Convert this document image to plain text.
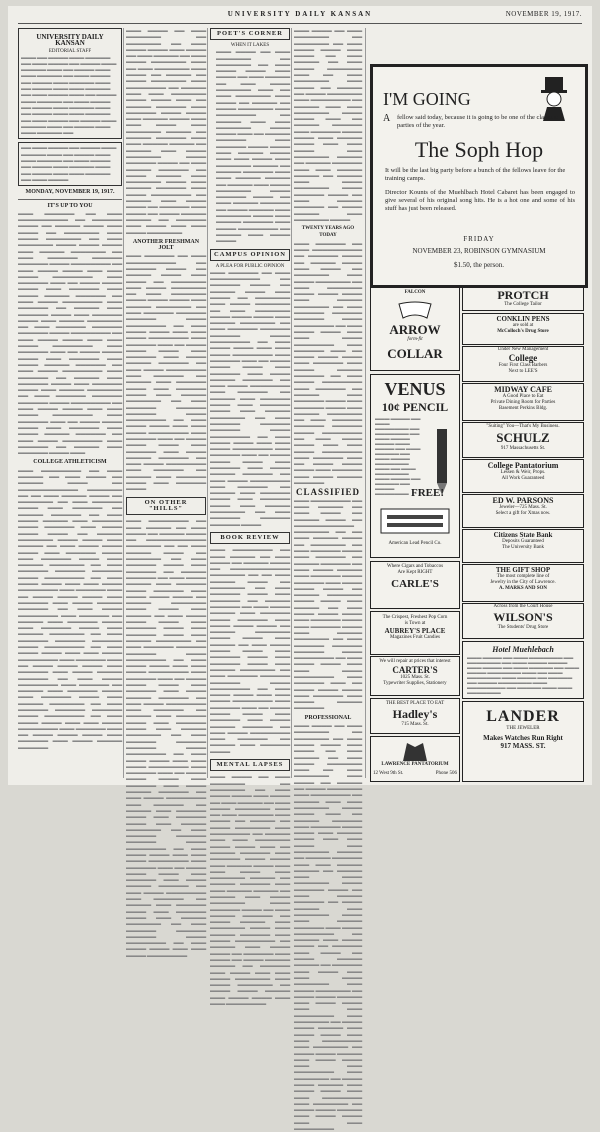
UNIVERSITY DAILY KANSAN	NOVEMBER 19, 1917.
UNIVERSITY DAILY KANSAN
EDITORIAL STAFF
▬▬▬ ▬▬ ▬▬▬▬ ▬▬▬ ▬▬▬▬▬ ▬▬ ▬▬▬ ▬▬▬▬ ▬▬ ▬▬▬▬ ▬▬▬ ▬▬▬▬▬ ▬▬▬ ▬▬ ▬▬▬▬ ▬▬▬ ▬▬▬ ▬▬▬▬▬ ▬▬ ▬▬▬ ▬▬▬▬ ▬▬ ▬▬▬▬ ▬▬▬ ▬▬▬▬▬ ▬▬▬ ▬▬ ▬▬▬▬ ▬▬▬ ▬▬▬ ▬▬▬▬▬ ▬▬ ▬▬▬ ▬▬▬▬ ▬▬▬ ▬▬ ▬▬▬▬ ▬▬▬ ▬▬▬▬▬ ▬▬ ▬▬▬ ▬▬▬▬ ▬▬ ▬▬▬▬ ▬▬▬ ▬▬▬▬▬ ▬▬▬ ▬▬ ▬▬▬▬ ▬▬▬ ▬▬▬ ▬▬▬▬▬ ▬▬ ▬▬▬ ▬▬▬▬ ▬▬ ▬▬▬▬ ▬▬▬ ▬▬▬▬▬ ▬▬▬ ▬▬ ▬▬▬▬ ▬▬▬ ▬▬▬ ▬▬▬▬▬ ▬▬
▬▬ ▬▬▬ ▬▬▬▬ ▬▬ ▬▬▬▬ ▬▬▬ ▬▬▬▬▬ ▬▬▬ ▬▬ ▬▬▬▬ ▬▬▬ ▬▬▬ ▬▬▬▬▬ ▬▬ ▬▬▬ ▬▬▬▬ ▬▬ ▬▬▬▬ ▬▬▬ ▬▬▬▬▬ ▬▬▬ ▬▬ ▬▬▬▬ ▬▬▬ ▬▬▬ ▬▬▬▬▬ ▬▬ ▬▬▬ ▬▬▬▬
MONDAY, NOVEMBER 19, 1917.
IT'S UP TO YOU
▬▬▬ ▬▬▬▬▬▬ ▬▬ ▬▬▬ ▬▬▬▬▬▬▬▬▬▬ ▬▬ ▬▬▬▬▬▬ ▬▬▬▬ ▬▬ ▬▬▬▬▬ ▬▬▬▬ ▬▬▬ ▬▬▬▬ ▬▬ ▬▬▬▬▬▬▬ ▬▬▬ ▬▬▬▬ ▬▬▬▬▬▬▬ ▬▬ ▬▬▬ ▬▬▬▬▬▬▬ ▬▬▬▬ ▬▬▬▬ ▬▬▬▬ ▬▬▬ ▬▬▬▬▬ ▬▬▬▬▬▬▬ ▬▬ ▬▬▬ ▬▬▬▬▬▬ ▬▬▬▬▬▬ ▬▬▬▬▬▬ ▬▬▬▬ ▬▬▬▬▬▬▬▬ ▬▬ ▬▬▬ ▬▬▬▬ ▬▬▬▬ ▬▬▬ ▬▬▬ ▬▬▬▬ ▬▬▬▬▬▬▬▬ ▬▬▬ ▬▬▬▬▬▬ ▬▬▬ ▬▬ ▬▬▬▬ ▬▬▬▬ ▬▬▬▬ ▬▬▬ ▬▬▬▬▬▬ ▬▬▬ ▬▬▬▬ ▬▬▬▬▬ ▬▬▬▬▬▬ ▬▬ ▬▬▬ ▬▬▬▬ ▬▬▬▬▬▬▬▬ ▬▬▬ ▬▬▬▬▬▬ ▬▬ ▬▬▬▬▬ ▬▬▬ ▬▬▬▬▬▬ ▬▬▬▬ ▬▬▬ ▬▬▬▬▬▬ ▬▬▬▬ ▬▬▬ ▬▬▬▬▬ ▬▬▬▬▬▬▬ ▬▬ ▬▬▬ ▬▬▬▬▬▬ ▬▬▬▬▬▬ ▬▬▬▬▬▬ ▬▬▬▬ ▬▬▬▬▬▬▬▬ ▬▬ ▬▬▬ ▬▬▬▬ ▬▬▬▬ ▬▬▬ ▬▬▬ ▬▬▬▬ ▬▬▬▬▬▬▬▬ ▬▬▬ ▬▬▬▬▬▬ ▬▬▬ ▬▬ ▬▬▬▬ ▬▬▬▬ ▬▬▬▬ ▬▬▬ ▬▬▬▬▬▬ ▬▬▬ ▬▬▬▬ ▬▬▬▬▬ ▬▬▬▬▬▬ ▬▬ ▬▬▬ ▬▬▬▬ ▬▬▬▬▬▬▬▬ ▬▬▬ ▬▬▬▬▬▬ ▬▬ ▬▬▬▬▬ ▬▬▬ ▬▬▬▬▬▬ ▬▬▬▬ ▬▬▬ ▬▬▬▬▬▬ ▬▬▬▬ ▬▬▬ ▬▬▬▬▬ ▬▬▬▬▬▬▬ ▬▬ ▬▬▬ ▬▬▬▬▬▬ ▬▬▬▬▬▬ ▬▬▬▬▬▬ ▬▬▬▬ ▬▬▬▬▬▬▬▬ ▬▬ ▬▬▬ ▬▬▬▬ ▬▬▬▬ ▬▬▬ ▬▬▬ ▬▬▬▬ ▬▬▬▬▬▬▬▬ ▬▬▬ ▬▬▬▬▬▬ ▬▬▬ ▬▬ ▬▬▬▬ ▬▬▬▬ ▬▬▬▬ ▬▬▬ ▬▬▬▬▬▬ ▬▬▬ ▬▬▬▬ ▬▬▬▬▬ ▬▬▬▬▬▬ ▬▬ ▬▬▬ ▬▬▬▬ ▬▬▬▬▬▬▬▬ ▬▬▬ ▬▬▬▬▬▬ ▬▬ ▬▬▬▬▬ ▬▬▬ ▬▬▬▬▬▬ ▬▬▬▬ ▬▬▬
COLLEGE ATHLETICISM
▬▬▬ ▬▬▬▬▬▬▬▬ ▬▬ ▬▬▬ ▬▬▬▬▬ ▬▬ ▬▬▬ ▬▬▬▬ ▬▬ ▬▬▬▬▬ ▬▬▬▬ ▬▬ ▬▬▬▬▬▬▬▬▬▬▬▬ ▬▬▬▬▬▬▬ ▬▬ ▬▬ ▬▬▬ ▬▬▬▬▬ ▬▬▬▬ ▬▬ ▬▬▬▬▬▬▬ ▬▬ ▬▬▬ ▬▬▬▬▬▬ ▬▬▬▬ ▬▬▬ ▬▬▬▬▬▬ ▬▬ ▬▬▬▬▬ ▬▬▬▬▬▬ ▬▬ ▬▬▬ ▬▬▬▬ ▬▬▬▬▬ ▬▬▬ ▬▬▬▬▬▬ ▬▬▬▬ ▬▬▬▬▬▬ ▬▬▬ ▬▬▬▬ ▬▬▬▬ ▬▬▬▬ ▬▬ ▬▬▬▬▬ ▬▬▬▬▬▬▬ ▬▬▬▬ ▬▬▬▬ ▬▬▬ ▬▬▬▬▬ ▬▬ ▬▬▬ ▬▬▬▬ ▬▬▬▬ ▬▬▬▬ ▬▬▬ ▬▬▬▬▬▬ ▬▬▬▬ ▬▬▬ ▬▬▬▬▬▬ ▬▬▬▬ ▬▬▬ ▬▬▬▬▬ ▬▬▬▬▬▬▬ ▬▬ ▬▬▬ ▬▬▬▬▬▬ ▬▬▬▬▬▬ ▬▬▬▬▬▬ ▬▬▬▬ ▬▬▬▬▬▬▬▬ ▬▬ ▬▬▬ ▬▬▬▬ ▬▬▬▬ ▬▬▬ ▬▬▬ ▬▬▬▬ ▬▬▬▬▬▬▬▬ ▬▬▬ ▬▬▬▬▬▬ ▬▬▬ ▬▬ ▬▬▬▬ ▬▬▬▬ ▬▬▬▬ ▬▬▬ ▬▬▬▬▬▬ ▬▬▬ ▬▬▬▬ ▬▬▬▬▬ ▬▬▬▬▬▬ ▬▬ ▬▬▬ ▬▬▬▬ ▬▬▬▬▬▬▬▬ ▬▬▬ ▬▬▬▬▬▬ ▬▬ ▬▬▬▬▬ ▬▬▬ ▬▬▬▬▬▬ ▬▬▬▬ ▬▬▬ ▬▬▬▬▬▬ ▬▬▬▬ ▬▬▬ ▬▬▬▬▬ ▬▬▬▬▬▬▬ ▬▬ ▬▬▬ ▬▬▬▬▬▬ ▬▬▬▬▬▬ ▬▬▬▬▬▬ ▬▬▬▬ ▬▬▬▬▬▬▬▬ ▬▬ ▬▬▬ ▬▬▬▬ ▬▬▬▬ ▬▬▬ ▬▬▬ ▬▬▬▬ ▬▬▬▬▬▬▬▬ ▬▬▬ ▬▬▬▬▬▬ ▬▬▬ ▬▬ ▬▬▬▬ ▬▬▬▬ ▬▬▬▬ ▬▬▬ ▬▬▬▬▬▬ ▬▬▬ ▬▬▬▬ ▬▬▬▬▬ ▬▬▬▬▬▬ ▬▬ ▬▬▬ ▬▬▬▬ ▬▬▬▬▬▬▬▬ ▬▬▬ ▬▬▬▬▬▬ ▬▬ ▬▬▬▬▬ ▬▬▬ ▬▬▬▬▬▬ ▬▬▬▬ ▬▬▬ ▬▬▬▬▬▬ ▬▬▬▬ ▬▬▬ ▬▬▬▬▬ ▬▬▬▬▬▬▬ ▬▬ ▬▬▬ ▬▬▬▬▬▬ ▬▬▬▬▬▬ ▬▬▬▬▬▬ ▬▬▬▬ ▬▬▬▬▬▬▬▬ ▬▬ ▬▬▬ ▬▬▬▬ ▬▬▬▬ ▬▬▬ ▬▬▬ ▬▬▬▬ ▬▬▬▬▬▬▬▬ ▬▬▬ ▬▬▬▬▬▬ ▬▬▬ ▬▬ ▬▬▬▬ ▬▬▬▬ ▬▬▬▬ ▬▬▬ ▬▬▬▬▬▬ ▬▬▬ ▬▬▬▬ ▬▬▬▬▬ ▬▬▬▬▬▬
▬▬▬ ▬▬▬▬ ▬▬ ▬▬▬ ▬▬▬▬▬▬▬ ▬▬ ▬▬▬▬▬▬▬ ▬▬ ▬▬▬ ▬▬▬▬ ▬▬▬▬ ▬▬▬ ▬▬▬▬ ▬▬ ▬▬▬ ▬▬▬▬▬ ▬▬ ▬▬▬ ▬▬▬▬ ▬▬▬▬▬▬▬ ▬▬▬ ▬▬ ▬▬▬ ▬▬▬▬▬▬▬ ▬▬▬ ▬▬▬▬ ▬▬ ▬▬▬▬▬ ▬▬ ▬▬▬▬ ▬▬▬▬▬▬▬ ▬▬▬ ▬▬▬▬▬▬▬▬ ▬▬ ▬▬▬▬▬ ▬▬▬ ▬▬▬ ▬▬▬▬▬▬▬ ▬▬▬▬ ▬▬▬▬ ▬▬▬ ▬▬ ▬▬▬▬▬ ▬▬▬▬▬▬ ▬▬▬ ▬▬▬▬▬▬ ▬▬▬▬ ▬▬▬▬ ▬▬▬ ▬▬▬▬▬ ▬▬▬▬ ▬▬▬ ▬▬▬ ▬▬▬▬ ▬▬▬ ▬▬▬▬▬▬▬ ▬▬▬▬▬ ▬▬ ▬▬▬▬▬ ▬▬▬▬▬▬ ▬▬▬ ▬▬▬ ▬▬▬▬▬ ▬▬▬▬▬ ▬▬ ▬▬▬▬▬ ▬▬▬ ▬▬▬▬ ▬▬▬▬▬▬▬ ▬▬▬▬ ▬▬▬▬▬▬ ▬▬▬▬ ▬▬ ▬▬▬ ▬▬▬▬▬ ▬▬▬▬▬▬ ▬▬ ▬▬▬▬ ▬▬▬▬▬ ▬▬▬ ▬▬▬▬▬▬▬ ▬▬▬▬ ▬▬▬ ▬▬▬▬▬ ▬▬▬▬▬▬ ▬▬▬ ▬▬▬▬ ▬▬▬▬▬▬▬▬ ▬▬ ▬▬▬▬▬ ▬▬▬ ▬▬▬▬ ▬▬▬▬ ▬▬ ▬▬▬▬▬▬ ▬▬▬ ▬▬▬▬ ▬▬ ▬▬▬▬ ▬▬▬▬▬ ▬▬▬▬▬ ▬▬ ▬▬▬▬▬▬ ▬▬▬ ▬▬▬▬ ▬▬▬ ▬▬▬ ▬▬▬▬ ▬▬▬▬▬▬▬
ANOTHER FRESHMAN JOLT
▬▬▬ ▬▬▬▬▬▬ ▬▬ ▬▬▬ ▬▬▬▬▬▬▬▬▬▬ ▬▬ ▬▬▬▬▬▬ ▬▬▬▬ ▬▬ ▬▬▬▬▬ ▬▬▬▬ ▬▬▬ ▬▬▬▬ ▬▬ ▬▬▬▬▬▬▬ ▬▬▬ ▬▬▬▬ ▬▬▬▬▬▬▬ ▬▬ ▬▬▬ ▬▬▬▬▬▬▬ ▬▬▬▬ ▬▬▬▬ ▬▬▬▬ ▬▬▬ ▬▬▬▬▬ ▬▬▬▬▬▬▬ ▬▬ ▬▬▬ ▬▬▬▬▬▬ ▬▬▬▬▬▬ ▬▬▬▬▬▬ ▬▬▬▬ ▬▬▬▬▬▬▬▬ ▬▬ ▬▬▬ ▬▬▬▬ ▬▬▬▬ ▬▬▬ ▬▬▬ ▬▬▬▬ ▬▬▬▬▬▬▬▬ ▬▬▬ ▬▬▬▬▬▬ ▬▬▬ ▬▬ ▬▬▬▬ ▬▬▬▬ ▬▬▬▬ ▬▬▬ ▬▬▬▬▬▬ ▬▬▬ ▬▬▬▬ ▬▬▬▬▬ ▬▬▬▬▬▬ ▬▬ ▬▬▬ ▬▬▬▬ ▬▬▬▬▬▬▬▬ ▬▬▬ ▬▬▬▬▬▬ ▬▬ ▬▬▬▬▬ ▬▬▬ ▬▬▬▬▬▬ ▬▬▬▬ ▬▬▬ ▬▬▬▬▬▬ ▬▬▬▬ ▬▬▬ ▬▬▬▬▬ ▬▬▬▬▬▬▬ ▬▬ ▬▬▬ ▬▬▬▬▬▬ ▬▬▬▬▬▬ ▬▬▬▬▬▬ ▬▬▬▬ ▬▬▬▬▬▬▬▬ ▬▬ ▬▬▬ ▬▬▬▬ ▬▬▬▬ ▬▬▬ ▬▬▬ ▬▬▬▬ ▬▬▬▬▬▬▬▬ ▬▬▬ ▬▬▬▬▬▬ ▬▬▬ ▬▬ ▬▬▬▬ ▬▬▬▬ ▬▬▬▬ ▬▬▬ ▬▬▬▬▬▬ ▬▬▬ ▬▬▬▬ ▬▬▬▬▬ ▬▬▬▬▬▬ ▬▬ ▬▬▬ ▬▬▬▬ ▬▬▬▬▬▬▬▬ ▬▬▬ ▬▬▬▬▬▬ ▬▬ ▬▬▬▬▬ ▬▬▬ ▬▬▬▬▬▬ ▬▬▬▬ ▬▬▬ ▬▬▬▬▬▬ ▬▬▬▬
ON OTHER "HILLS"
▬▬▬ ▬▬▬▬▬▬▬▬ ▬▬ ▬▬▬ ▬▬▬▬▬ ▬▬ ▬▬▬ ▬▬▬▬ ▬▬ ▬▬▬▬▬ ▬▬▬▬ ▬▬ ▬▬▬▬▬▬▬▬▬▬▬▬ ▬▬▬▬▬▬▬ ▬▬ ▬▬ ▬▬▬ ▬▬▬▬▬ ▬▬▬▬ ▬▬ ▬▬▬▬▬▬▬ ▬▬ ▬▬▬ ▬▬▬▬▬▬ ▬▬▬▬ ▬▬▬ ▬▬▬▬▬▬ ▬▬ ▬▬▬▬▬ ▬▬▬▬▬▬ ▬▬ ▬▬▬ ▬▬▬▬ ▬▬▬▬▬ ▬▬▬ ▬▬▬▬▬▬ ▬▬▬▬ ▬▬▬▬▬▬ ▬▬▬ ▬▬▬▬ ▬▬▬▬ ▬▬▬▬ ▬▬ ▬▬▬▬▬ ▬▬▬▬▬▬▬ ▬▬▬▬ ▬▬▬▬ ▬▬▬ ▬▬▬▬▬ ▬▬ ▬▬▬ ▬▬▬▬ ▬▬▬▬ ▬▬▬▬ ▬▬▬ ▬▬▬▬▬▬ ▬▬▬▬ ▬▬▬ ▬▬▬▬▬▬ ▬▬▬▬ ▬▬▬ ▬▬▬▬▬ ▬▬▬▬▬▬▬ ▬▬ ▬▬▬ ▬▬▬▬▬▬ ▬▬▬▬▬▬ ▬▬▬▬▬▬ ▬▬▬▬ ▬▬▬▬▬▬▬▬ ▬▬ ▬▬▬ ▬▬▬▬ ▬▬▬▬ ▬▬▬ ▬▬▬ ▬▬▬▬ ▬▬▬▬▬▬▬▬ ▬▬▬ ▬▬▬▬▬▬ ▬▬▬ ▬▬ ▬▬▬▬ ▬▬▬▬ ▬▬▬▬ ▬▬▬ ▬▬▬▬▬▬ ▬▬▬ ▬▬▬▬ ▬▬▬▬▬ ▬▬▬▬▬▬ ▬▬ ▬▬▬ ▬▬▬▬ ▬▬▬▬▬▬▬▬ ▬▬▬ ▬▬▬▬▬▬ ▬▬ ▬▬▬▬▬ ▬▬▬ ▬▬▬▬▬▬ ▬▬▬▬ ▬▬▬ ▬▬▬▬▬▬ ▬▬▬▬ ▬▬▬ ▬▬▬▬▬ ▬▬▬▬▬▬▬ ▬▬ ▬▬▬ ▬▬▬▬▬▬ ▬▬▬▬▬▬ ▬▬▬▬▬▬ ▬▬▬▬ ▬▬▬▬▬▬▬▬ ▬▬ ▬▬▬ ▬▬▬▬ ▬▬▬▬ ▬▬▬ ▬▬▬ ▬▬▬▬ ▬▬▬▬▬▬▬▬ ▬▬▬ ▬▬▬▬▬▬ ▬▬▬ ▬▬ ▬▬▬▬ ▬▬▬▬ ▬▬▬▬ ▬▬▬ ▬▬▬▬▬▬ ▬▬▬ ▬▬▬▬ ▬▬▬▬▬ ▬▬▬▬▬▬ ▬▬ ▬▬▬ ▬▬▬▬ ▬▬▬▬▬▬▬▬ ▬▬▬ ▬▬▬▬▬▬ ▬▬ ▬▬▬▬▬ ▬▬▬ ▬▬▬▬▬▬ ▬▬▬▬ ▬▬▬ ▬▬▬▬▬▬ ▬▬▬▬ ▬▬▬ ▬▬▬▬▬ ▬▬▬▬▬▬▬ ▬▬ ▬▬▬ ▬▬▬▬▬▬ ▬▬▬▬▬▬ ▬▬▬▬▬▬ ▬▬▬▬ ▬▬▬▬▬▬▬▬ ▬▬ ▬▬▬ ▬▬▬▬ ▬▬▬▬ ▬▬▬ ▬▬▬ ▬▬▬▬ ▬▬▬▬▬▬▬▬ ▬▬▬ ▬▬▬▬▬▬ ▬▬▬ ▬▬ ▬▬▬▬ ▬▬▬▬ ▬▬▬▬ ▬▬▬ ▬▬▬▬▬▬ ▬▬▬ ▬▬▬▬ ▬▬▬▬▬ ▬▬▬▬▬▬ ▬▬ ▬▬▬ ▬▬▬▬ ▬▬▬▬▬▬▬▬ ▬▬▬ ▬▬▬▬▬▬ ▬▬ ▬▬▬▬▬ ▬▬▬ ▬▬▬▬▬▬ ▬▬▬▬ ▬▬▬ ▬▬▬▬▬▬ ▬▬▬▬ ▬▬▬ ▬▬▬▬▬ ▬▬▬▬▬▬▬ ▬▬ ▬▬▬ ▬▬▬▬▬▬ ▬▬▬▬▬▬ ▬▬▬▬▬▬ ▬▬▬▬ ▬▬▬▬▬▬▬▬ ▬▬ ▬▬▬ ▬▬▬▬ ▬▬▬▬ ▬▬▬ ▬▬▬ ▬▬▬▬ ▬▬▬▬▬▬▬▬
POET'S CORNER
WHEN IT LAKES
▬▬▬ ▬▬▬▬ ▬▬ ▬▬▬ ▬▬▬▬▬▬▬ ▬▬ ▬▬▬▬▬▬▬ ▬▬ ▬▬▬ ▬▬▬▬ ▬▬▬▬ ▬▬▬ ▬▬▬▬ ▬▬ ▬▬▬ ▬▬▬▬▬ ▬▬ ▬▬▬ ▬▬▬▬ ▬▬▬▬▬▬▬ ▬▬▬ ▬▬ ▬▬▬ ▬▬▬▬▬▬▬ ▬▬▬ ▬▬▬▬ ▬▬ ▬▬▬▬▬ ▬▬ ▬▬▬▬ ▬▬▬▬▬▬▬ ▬▬▬ ▬▬▬▬▬▬▬▬ ▬▬ ▬▬▬▬▬ ▬▬▬ ▬▬▬ ▬▬▬▬▬▬▬ ▬▬▬▬ ▬▬▬▬ ▬▬▬ ▬▬ ▬▬▬▬▬ ▬▬▬▬▬▬ ▬▬▬ ▬▬▬▬▬▬ ▬▬▬▬ ▬▬▬▬ ▬▬▬ ▬▬▬▬▬ ▬▬▬▬ ▬▬▬ ▬▬▬ ▬▬▬▬ ▬▬▬ ▬▬▬▬▬▬▬ ▬▬▬▬▬ ▬▬ ▬▬▬▬▬ ▬▬▬▬▬▬ ▬▬▬ ▬▬▬ ▬▬▬▬▬ ▬▬▬▬▬ ▬▬ ▬▬▬▬▬ ▬▬▬ ▬▬▬▬ ▬▬▬▬▬▬▬ ▬▬▬▬ ▬▬▬▬▬▬ ▬▬▬▬ ▬▬ ▬▬▬ ▬▬▬▬▬ ▬▬▬▬▬▬ ▬▬ ▬▬▬▬ ▬▬▬▬▬ ▬▬▬ ▬▬▬▬▬▬▬ ▬▬▬▬ ▬▬▬ ▬▬▬▬▬ ▬▬▬▬▬▬ ▬▬▬ ▬▬▬▬ ▬▬▬▬▬▬▬▬ ▬▬ ▬▬▬▬▬ ▬▬▬ ▬▬▬▬ ▬▬▬▬
CAMPUS OPINION
A PLEA FOR PUBLIC OPINION
▬▬▬ ▬▬▬▬▬▬ ▬▬ ▬▬▬ ▬▬▬▬▬▬▬▬▬▬ ▬▬ ▬▬▬▬▬▬ ▬▬▬▬ ▬▬ ▬▬▬▬▬ ▬▬▬▬ ▬▬▬ ▬▬▬▬ ▬▬ ▬▬▬▬▬▬▬ ▬▬▬ ▬▬▬▬ ▬▬▬▬▬▬▬ ▬▬ ▬▬▬ ▬▬▬▬▬▬▬ ▬▬▬▬ ▬▬▬▬ ▬▬▬▬ ▬▬▬ ▬▬▬▬▬ ▬▬▬▬▬▬▬ ▬▬ ▬▬▬ ▬▬▬▬▬▬ ▬▬▬▬▬▬ ▬▬▬▬▬▬ ▬▬▬▬ ▬▬▬▬▬▬▬▬ ▬▬ ▬▬▬ ▬▬▬▬ ▬▬▬▬ ▬▬▬ ▬▬▬ ▬▬▬▬ ▬▬▬▬▬▬▬▬ ▬▬▬ ▬▬▬▬▬▬ ▬▬▬ ▬▬ ▬▬▬▬ ▬▬▬▬ ▬▬▬▬ ▬▬▬ ▬▬▬▬▬▬ ▬▬▬ ▬▬▬▬ ▬▬▬▬▬ ▬▬▬▬▬▬ ▬▬ ▬▬▬ ▬▬▬▬ ▬▬▬▬▬▬▬▬ ▬▬▬ ▬▬▬▬▬▬ ▬▬ ▬▬▬▬▬ ▬▬▬ ▬▬▬▬▬▬ ▬▬▬▬ ▬▬▬ ▬▬▬▬▬▬ ▬▬▬▬ ▬▬▬ ▬▬▬▬▬ ▬▬▬▬▬▬▬ ▬▬ ▬▬▬ ▬▬▬▬▬▬ ▬▬▬▬▬▬ ▬▬▬▬▬▬ ▬▬▬▬ ▬▬▬▬▬▬▬▬ ▬▬ ▬▬▬ ▬▬▬▬ ▬▬▬▬ ▬▬▬ ▬▬▬ ▬▬▬▬ ▬▬▬▬▬▬▬▬ ▬▬▬ ▬▬▬▬▬▬ ▬▬▬ ▬▬ ▬▬▬▬ ▬▬▬▬ ▬▬▬▬ ▬▬▬ ▬▬▬▬▬▬ ▬▬▬ ▬▬▬▬ ▬▬▬▬▬ ▬▬▬▬▬▬ ▬▬ ▬▬▬ ▬▬▬▬ ▬▬▬▬▬▬▬▬ ▬▬▬ ▬▬▬▬▬▬ ▬▬ ▬▬▬▬▬ ▬▬▬ ▬▬▬▬▬▬ ▬▬▬▬ ▬▬▬ ▬▬▬▬▬▬ ▬▬▬▬ ▬▬▬ ▬▬▬▬▬ ▬▬▬▬▬▬▬ ▬▬ ▬▬▬ ▬▬▬▬▬▬ ▬▬▬▬▬▬ ▬▬▬▬▬▬ ▬▬▬▬
BOOK REVIEW
▬▬▬ ▬▬▬▬▬▬▬▬ ▬▬ ▬▬▬ ▬▬▬▬▬ ▬▬ ▬▬▬ ▬▬▬▬ ▬▬ ▬▬▬▬▬ ▬▬▬▬ ▬▬ ▬▬▬▬▬▬▬▬▬▬▬▬ ▬▬▬▬▬▬▬ ▬▬ ▬▬ ▬▬▬ ▬▬▬▬▬ ▬▬▬▬ ▬▬ ▬▬▬▬▬▬▬ ▬▬ ▬▬▬ ▬▬▬▬▬▬ ▬▬▬▬ ▬▬▬ ▬▬▬▬▬▬ ▬▬ ▬▬▬▬▬ ▬▬▬▬▬▬ ▬▬ ▬▬▬ ▬▬▬▬ ▬▬▬▬▬ ▬▬▬ ▬▬▬▬▬▬ ▬▬▬▬ ▬▬▬▬▬▬ ▬▬▬ ▬▬▬▬ ▬▬▬▬ ▬▬▬▬ ▬▬ ▬▬▬▬▬ ▬▬▬▬▬▬▬ ▬▬▬▬ ▬▬▬▬ ▬▬▬ ▬▬▬▬▬ ▬▬ ▬▬▬ ▬▬▬▬ ▬▬▬▬ ▬▬▬▬ ▬▬▬ ▬▬▬▬▬▬ ▬▬▬▬ ▬▬▬ ▬▬▬▬▬▬ ▬▬▬▬ ▬▬▬ ▬▬▬▬▬ ▬▬▬▬▬▬▬ ▬▬ ▬▬▬ ▬▬▬▬▬▬ ▬▬▬▬▬▬ ▬▬▬▬▬▬ ▬▬▬▬ ▬▬▬▬▬▬▬▬ ▬▬ ▬▬▬ ▬▬▬▬ ▬▬▬▬ ▬▬▬ ▬▬▬ ▬▬▬▬ ▬▬▬▬▬▬▬▬ ▬▬▬ ▬▬▬▬▬▬ ▬▬▬ ▬▬ ▬▬▬▬ ▬▬▬▬ ▬▬▬▬ ▬▬▬ ▬▬▬▬▬▬ ▬▬▬ ▬▬▬▬ ▬▬▬▬▬ ▬▬▬▬▬▬ ▬▬ ▬▬▬ ▬▬▬▬ ▬▬▬▬▬▬▬▬ ▬▬▬ ▬▬▬▬▬▬ ▬▬ ▬▬▬▬▬ ▬▬▬ ▬▬▬▬▬▬ ▬▬▬▬
MENTAL LAPSES
▬▬▬ ▬▬▬▬ ▬▬ ▬▬▬ ▬▬▬▬▬▬▬ ▬▬ ▬▬▬▬▬▬▬ ▬▬ ▬▬▬ ▬▬▬▬ ▬▬▬▬ ▬▬▬ ▬▬▬▬ ▬▬ ▬▬▬ ▬▬▬▬▬ ▬▬ ▬▬▬ ▬▬▬▬ ▬▬▬▬▬▬▬ ▬▬▬ ▬▬ ▬▬▬ ▬▬▬▬▬▬▬ ▬▬▬ ▬▬▬▬ ▬▬ ▬▬▬▬▬ ▬▬ ▬▬▬▬ ▬▬▬▬▬▬▬ ▬▬▬ ▬▬▬▬▬▬▬▬ ▬▬ ▬▬▬▬▬ ▬▬▬ ▬▬▬ ▬▬▬▬▬▬▬ ▬▬▬▬ ▬▬▬▬ ▬▬▬ ▬▬ ▬▬▬▬▬ ▬▬▬▬▬▬ ▬▬▬ ▬▬▬▬▬▬ ▬▬▬▬ ▬▬▬▬ ▬▬▬ ▬▬▬▬▬ ▬▬▬▬ ▬▬▬ ▬▬▬ ▬▬▬▬ ▬▬▬ ▬▬▬▬▬▬▬ ▬▬▬▬▬ ▬▬ ▬▬▬▬▬ ▬▬▬▬▬▬ ▬▬▬ ▬▬▬ ▬▬▬▬▬ ▬▬▬▬▬ ▬▬ ▬▬▬▬▬ ▬▬▬ ▬▬▬▬ ▬▬▬▬▬▬▬ ▬▬▬▬ ▬▬▬▬▬▬ ▬▬▬▬ ▬▬ ▬▬▬ ▬▬▬▬▬ ▬▬▬▬▬▬ ▬▬ ▬▬▬▬ ▬▬▬▬▬ ▬▬▬ ▬▬▬▬▬▬▬ ▬▬▬▬ ▬▬▬ ▬▬▬▬▬ ▬▬▬▬▬▬ ▬▬▬ ▬▬▬▬ ▬▬▬▬▬▬▬▬ ▬▬ ▬▬▬▬▬ ▬▬▬ ▬▬▬▬ ▬▬▬▬ ▬▬ ▬▬▬▬▬▬ ▬▬▬ ▬▬▬▬ ▬▬ ▬▬▬▬ ▬▬▬▬▬ ▬▬▬▬▬ ▬▬ ▬▬▬▬▬▬ ▬▬▬ ▬▬▬▬ ▬▬▬ ▬▬▬ ▬▬▬▬ ▬▬▬▬▬▬▬ ▬▬▬ ▬▬▬▬ ▬▬▬▬▬▬▬ ▬▬ ▬▬▬▬ ▬▬▬▬ ▬▬▬▬▬ ▬▬▬ ▬▬▬▬ ▬▬▬▬ ▬▬▬ ▬▬▬ ▬▬▬▬▬▬▬▬
▬▬▬ ▬▬▬▬ ▬▬ ▬▬▬ ▬▬▬▬▬▬▬ ▬▬ ▬▬▬▬▬▬▬ ▬▬ ▬▬▬ ▬▬▬▬ ▬▬▬▬ ▬▬▬ ▬▬▬▬ ▬▬ ▬▬▬ ▬▬▬▬▬ ▬▬ ▬▬▬ ▬▬▬▬ ▬▬▬▬▬▬▬ ▬▬▬ ▬▬ ▬▬▬ ▬▬▬▬▬▬▬ ▬▬▬ ▬▬▬▬ ▬▬ ▬▬▬▬▬ ▬▬ ▬▬▬▬ ▬▬▬▬▬▬▬ ▬▬▬ ▬▬▬▬▬▬▬▬ ▬▬ ▬▬▬▬▬ ▬▬▬ ▬▬▬ ▬▬▬▬▬▬▬ ▬▬▬▬ ▬▬▬▬ ▬▬▬ ▬▬ ▬▬▬▬▬ ▬▬▬▬▬▬ ▬▬▬ ▬▬▬▬▬▬ ▬▬▬▬ ▬▬▬▬ ▬▬▬ ▬▬▬▬▬ ▬▬▬▬ ▬▬▬ ▬▬▬ ▬▬▬▬ ▬▬▬ ▬▬▬▬▬▬▬ ▬▬▬▬▬ ▬▬ ▬▬▬▬▬ ▬▬▬▬▬▬ ▬▬▬ ▬▬▬ ▬▬▬▬▬ ▬▬▬▬▬ ▬▬ ▬▬▬▬▬ ▬▬▬ ▬▬▬▬ ▬▬▬▬▬▬▬ ▬▬▬▬ ▬▬▬▬▬▬ ▬▬▬▬ ▬▬ ▬▬▬ ▬▬▬▬▬ ▬▬▬▬▬▬ ▬▬ ▬▬▬▬ ▬▬▬▬▬ ▬▬▬ ▬▬▬▬▬▬▬ ▬▬▬▬
TWENTY YEARS AGO TODAY
▬▬▬ ▬▬▬▬▬▬ ▬▬ ▬▬▬ ▬▬▬▬▬▬▬▬▬▬ ▬▬ ▬▬▬▬▬▬ ▬▬▬▬ ▬▬ ▬▬▬▬▬ ▬▬▬▬ ▬▬▬ ▬▬▬▬ ▬▬ ▬▬▬▬▬▬▬ ▬▬▬ ▬▬▬▬ ▬▬▬▬▬▬▬ ▬▬ ▬▬▬ ▬▬▬▬▬▬▬ ▬▬▬▬ ▬▬▬▬ ▬▬▬▬ ▬▬▬ ▬▬▬▬▬ ▬▬▬▬▬▬▬ ▬▬ ▬▬▬ ▬▬▬▬▬▬ ▬▬▬▬▬▬ ▬▬▬▬▬▬ ▬▬▬▬ ▬▬▬▬▬▬▬▬ ▬▬ ▬▬▬ ▬▬▬▬ ▬▬▬▬ ▬▬▬ ▬▬▬ ▬▬▬▬ ▬▬▬▬▬▬▬▬ ▬▬▬ ▬▬▬▬▬▬ ▬▬▬ ▬▬ ▬▬▬▬ ▬▬▬▬ ▬▬▬▬ ▬▬▬ ▬▬▬▬▬▬ ▬▬▬ ▬▬▬▬ ▬▬▬▬▬ ▬▬▬▬▬▬ ▬▬ ▬▬▬ ▬▬▬▬ ▬▬▬▬▬▬▬▬ ▬▬▬ ▬▬▬▬▬▬ ▬▬ ▬▬▬▬▬ ▬▬▬ ▬▬▬▬▬▬ ▬▬▬▬ ▬▬▬ ▬▬▬▬▬▬ ▬▬▬▬ ▬▬▬ ▬▬▬▬▬ ▬▬▬▬▬▬▬ ▬▬ ▬▬▬ ▬▬▬▬▬▬ ▬▬▬▬▬▬ ▬▬▬▬▬▬ ▬▬▬▬ ▬▬▬▬▬▬▬▬ ▬▬ ▬▬▬ ▬▬▬▬ ▬▬▬▬ ▬▬▬ ▬▬▬ ▬▬▬▬ ▬▬▬▬▬▬▬▬ ▬▬▬ ▬▬▬▬▬▬ ▬▬▬ ▬▬ ▬▬▬▬ ▬▬▬▬ ▬▬▬▬ ▬▬▬ ▬▬▬▬▬▬ ▬▬▬ ▬▬▬▬ ▬▬▬▬▬ ▬▬▬▬▬▬
CLASSIFIED
▬▬▬ ▬▬▬▬▬▬▬▬ ▬▬ ▬▬▬ ▬▬▬▬▬ ▬▬ ▬▬▬ ▬▬▬▬ ▬▬ ▬▬▬▬▬ ▬▬▬▬ ▬▬ ▬▬▬▬▬▬▬▬▬▬▬▬ ▬▬▬▬▬▬▬ ▬▬ ▬▬ ▬▬▬ ▬▬▬▬▬ ▬▬▬▬ ▬▬ ▬▬▬▬▬▬▬ ▬▬ ▬▬▬ ▬▬▬▬▬▬ ▬▬▬▬ ▬▬▬ ▬▬▬▬▬▬ ▬▬ ▬▬▬▬▬ ▬▬▬▬▬▬ ▬▬ ▬▬▬ ▬▬▬▬ ▬▬▬▬▬ ▬▬▬ ▬▬▬▬▬▬ ▬▬▬▬ ▬▬▬▬▬▬ ▬▬▬ ▬▬▬▬ ▬▬▬▬ ▬▬▬▬ ▬▬ ▬▬▬▬▬ ▬▬▬▬▬▬▬ ▬▬▬▬ ▬▬▬▬ ▬▬▬ ▬▬▬▬▬ ▬▬ ▬▬▬ ▬▬▬▬ ▬▬▬▬ ▬▬▬▬ ▬▬▬ ▬▬▬▬▬▬ ▬▬▬▬ ▬▬▬ ▬▬▬▬▬▬ ▬▬▬▬ ▬▬▬ ▬▬▬▬▬ ▬▬▬▬▬▬▬ ▬▬ ▬▬▬ ▬▬▬▬▬▬ ▬▬▬▬▬▬ ▬▬▬▬▬▬ ▬▬▬▬ ▬▬▬▬▬▬▬▬ ▬▬ ▬▬▬ ▬▬▬▬ ▬▬▬▬ ▬▬▬ ▬▬▬ ▬▬▬▬ ▬▬▬▬▬▬▬▬ ▬▬▬ ▬▬▬▬▬▬ ▬▬▬ ▬▬ ▬▬▬▬ ▬▬▬▬ ▬▬▬▬ ▬▬▬ ▬▬▬▬▬▬ ▬▬▬ ▬▬▬▬ ▬▬▬▬▬ ▬▬▬▬▬▬
PROFESSIONAL
▬▬▬ ▬▬▬▬ ▬▬ ▬▬▬ ▬▬▬▬▬▬▬ ▬▬ ▬▬▬▬▬▬▬ ▬▬ ▬▬▬ ▬▬▬▬ ▬▬▬▬ ▬▬▬ ▬▬▬▬ ▬▬ ▬▬▬ ▬▬▬▬▬ ▬▬ ▬▬▬ ▬▬▬▬ ▬▬▬▬▬▬▬ ▬▬▬ ▬▬ ▬▬▬ ▬▬▬▬▬▬▬ ▬▬▬ ▬▬▬▬ ▬▬ ▬▬▬▬▬ ▬▬ ▬▬▬▬ ▬▬▬▬▬▬▬ ▬▬▬ ▬▬▬▬▬▬▬▬ ▬▬ ▬▬▬▬▬ ▬▬▬ ▬▬▬ ▬▬▬▬▬▬▬ ▬▬▬▬ ▬▬▬▬ ▬▬▬ ▬▬ ▬▬▬▬▬ ▬▬▬▬▬▬ ▬▬▬ ▬▬▬▬▬▬ ▬▬▬▬ ▬▬▬▬ ▬▬▬ ▬▬▬▬▬ ▬▬▬▬ ▬▬▬ ▬▬▬ ▬▬▬▬ ▬▬▬ ▬▬▬▬▬▬▬ ▬▬▬▬▬ ▬▬ ▬▬▬▬▬ ▬▬▬▬▬▬ ▬▬▬ ▬▬▬ ▬▬▬▬▬ ▬▬▬▬▬ ▬▬ ▬▬▬▬▬ ▬▬▬ ▬▬▬▬ ▬▬▬▬▬▬▬ ▬▬▬▬ ▬▬▬▬▬▬ ▬▬▬▬ ▬▬ ▬▬▬ ▬▬▬▬▬ ▬▬▬▬▬▬ ▬▬ ▬▬▬▬ ▬▬▬▬▬ ▬▬▬ ▬▬▬▬▬▬▬ ▬▬▬▬ ▬▬▬ ▬▬▬▬▬ ▬▬▬▬▬▬ ▬▬▬ ▬▬▬▬ ▬▬▬▬▬▬▬▬ ▬▬ ▬▬▬▬▬ ▬▬▬ ▬▬▬▬ ▬▬▬▬ ▬▬ ▬▬▬▬▬▬ ▬▬▬ ▬▬▬▬ ▬▬ ▬▬▬▬ ▬▬▬▬▬ ▬▬▬▬▬ ▬▬ ▬▬▬▬▬▬ ▬▬▬ ▬▬▬▬ ▬▬▬ ▬▬▬ ▬▬▬▬ ▬▬▬▬▬▬▬ ▬▬▬ ▬▬▬▬ ▬▬▬▬▬▬▬ ▬▬ ▬▬▬▬ ▬▬▬▬ ▬▬▬▬▬ ▬▬▬ ▬▬▬▬ ▬▬▬▬ ▬▬▬ ▬▬▬ ▬▬▬▬▬▬▬▬ ▬▬▬ ▬▬▬▬▬▬▬ ▬▬ ▬▬▬▬ ▬▬▬▬ ▬▬▬▬▬ ▬▬▬ ▬▬▬▬ ▬▬▬▬ ▬▬▬ ▬▬▬ ▬▬▬▬▬▬▬▬ ▬▬▬ ▬▬▬▬▬▬▬ ▬▬ ▬▬▬▬ ▬▬▬▬ ▬▬▬▬▬ ▬▬▬ ▬▬▬▬ ▬▬▬▬ ▬▬▬ ▬▬▬ ▬▬▬▬▬▬▬▬ ▬▬▬ ▬▬▬▬▬▬▬ ▬▬ ▬▬▬▬ ▬▬▬▬ ▬▬▬▬▬ ▬▬▬ ▬▬▬▬ ▬▬▬▬ ▬▬▬ ▬▬▬ ▬▬▬▬▬▬▬▬ ▬▬▬ ▬▬▬▬▬▬▬ ▬▬ ▬▬▬▬ ▬▬▬▬ ▬▬▬▬▬ ▬▬▬ ▬▬▬▬ ▬▬▬▬ ▬▬▬ ▬▬▬ ▬▬▬▬▬▬▬▬
I'M GOING
A fellow said today, because it is going to be one of the classiest parties of the year.
The Soph Hop
It will be the last big party before a bunch of the fellows leave for the training camps.
Director Kounts of the Muehlbach Hotel Cabaret has been engaged to give several of his original song hits. He is a hot one and some of his stuff has just been released.
FRIDAY
NOVEMBER 23, ROBINSON GYMNASIUM
$1.50, the person.
FALCON
ARROW
form-fit
COLLAR
VENUS
10¢ PENCIL
▬▬▬ ▬▬▬▬ ▬▬ ▬▬▬ ▬▬▬▬▬▬▬ ▬▬ ▬▬▬▬▬▬▬ ▬▬ ▬▬▬ ▬▬▬▬ ▬▬▬▬ ▬▬▬ ▬▬▬▬ ▬▬ ▬▬▬ ▬▬▬▬▬ ▬▬ ▬▬▬ ▬▬▬▬ ▬▬▬▬▬▬▬ ▬▬▬ ▬▬ ▬▬▬ ▬▬▬▬▬▬▬ ▬▬▬ ▬▬▬▬ ▬▬ ▬▬▬▬▬ ▬▬ ▬▬▬▬ ▬▬▬▬▬▬▬ FREE!
American Lead Pencil Co.
Where Cigars and Tobaccos
Are Kept RIGHT
CARLE'S
The Crispest, Freshest Pop Corn
is Town at
AUBREY'S PLACE
Magazines Fruit Candies
We will repair at prices that interest
CARTER'S
1025 Mass. St.
Typewriter Supplies, Stationery
THE BEST PLACE TO EAT
Hadley's
715 Mass. St.
LAWRENCE PANTATORIUM
12 West 9th St.	Phone 506
Hotel Muehlebach
▬▬▬ ▬▬▬▬ ▬▬ ▬▬▬ ▬▬▬▬▬▬▬ ▬▬ ▬▬▬▬▬▬▬ ▬▬ ▬▬▬ ▬▬▬▬ ▬▬▬▬ ▬▬▬ ▬▬▬▬ ▬▬ ▬▬▬ ▬▬▬▬▬ ▬▬ ▬▬▬ ▬▬▬▬ ▬▬▬▬▬▬▬ ▬▬▬ ▬▬ ▬▬▬ ▬▬▬▬▬▬▬ ▬▬▬ ▬▬▬▬ ▬▬ ▬▬▬▬▬ ▬▬ ▬▬▬▬ ▬▬▬▬▬▬▬ ▬▬▬ ▬▬▬▬▬▬▬▬ ▬▬ ▬▬▬▬▬ ▬▬▬ ▬▬▬ ▬▬▬▬▬▬▬
LANDER
THE JEWELER
Makes Watches Run Right
917 MASS. ST.
PROTCH
The College Tailor
CONKLIN PENS
are sold at
McColloch's Drug Store
Under New Management
College
Four First Class Barbers
Next to LEE'S
MIDWAY CAFE
A Good Place to Eat
Private Dining Room for Parties
Basement Perkins Bldg.
"Suiting" You—That's My Business.
SCHULZ
917 Massachusetts St.
College Pantatorium
Lessen & Weir, Props.
All Work Guaranteed
ED W. PARSONS
Jeweler—725 Mass. St.
Select a gift for Xmas now.
Citizens State Bank
Deposits Guaranteed
The University Bank
THE GIFT SHOP
The most complete line of
Jewelry in the City of Lawrence.
A. MARKS AND SON
Across from the Court House
WILSON'S
The Students' Drug Store
